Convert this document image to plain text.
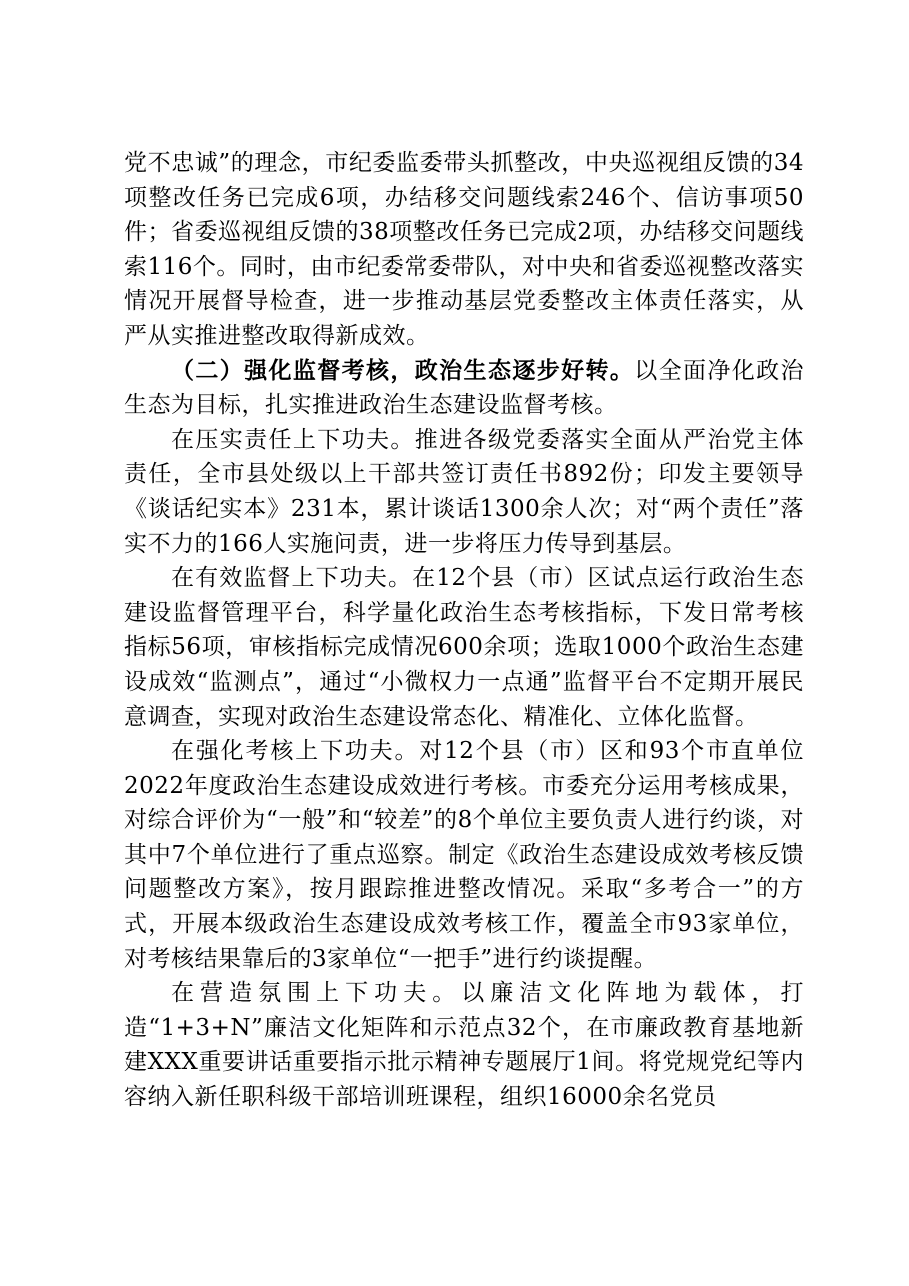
党不忠诚”的理念，市纪委监委带头抓整改，中央巡视组反馈的34项整改任务已完成6项，办结移交问题线索246个、信访事项50件；省委巡视组反馈的38项整改任务已完成2项，办结移交问题线索116个。同时，由市纪委常委带队，对中央和省委巡视整改落实情况开展督导检查，进一步推动基层党委整改主体责任落实，从严从实推进整改取得新成效。

（二）强化监督考核，政治生态逐步好转。以全面净化政治生态为目标，扎实推进政治生态建设监督考核。

在压实责任上下功夫。推进各级党委落实全面从严治党主体责任，全市县处级以上干部共签订责任书892份；印发主要领导《谈话纪实本》231本，累计谈话1300余人次；对“两个责任”落实不力的166人实施问责，进一步将压力传导到基层。

在有效监督上下功夫。在12个县（市）区试点运行政治生态建设监督管理平台，科学量化政治生态考核指标，下发日常考核指标56项，审核指标完成情况600余项；选取1000个政治生态建设成效“监测点”，通过“小微权力一点通”监督平台不定期开展民意调查，实现对政治生态建设常态化、精准化、立体化监督。

在强化考核上下功夫。对12个县（市）区和93个市直单位2022年度政治生态建设成效进行考核。市委充分运用考核成果，对综合评价为“一般”和“较差”的8个单位主要负责人进行约谈，对其中7个单位进行了重点巡察。制定《政治生态建设成效考核反馈问题整改方案》，按月跟踪推进整改情况。采取“多考合一”的方式，开展本级政治生态建设成效考核工作，覆盖全市93家单位，对考核结果靠后的3家单位“一把手”进行约谈提醒。

在营造氛围上下功夫。以廉洁文化阵地为载体，打造“1+3+N”廉洁文化矩阵和示范点32个，在市廉政教育基地新建XXX重要讲话重要指示批示精神专题展厅1间。将党规党纪等内容纳入新任职科级干部培训班课程，组织16000余名党员
